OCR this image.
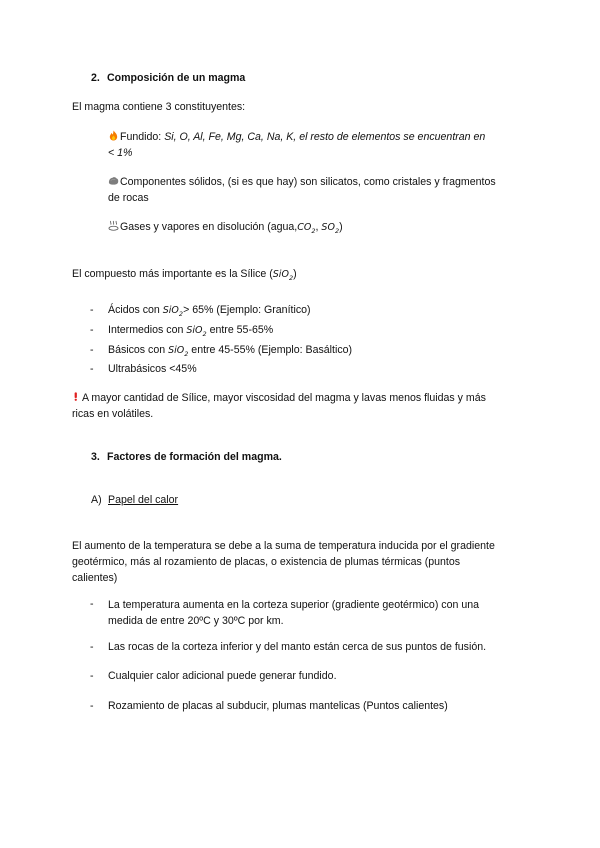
2. Composición de un magma

El magma contiene 3 constituyentes:

Fundido: Si, O, Al, Fe, Mg, Ca, Na, K, el resto de elementos se encuentran en
< 1%
Componentes sólidos, (si es que hay) son silicatos, como cristales y fragmentos
de rocas
Gases y vapores en disolución ($agua,CO_2$, $SO_2$)

El compuesto más importante es la Sílice (SiO$_2$)

- Ácidos con SiO$_2$> 65% (Ejemplo: Granítico)

- Intermedios con SiO$_2$ entre 55-65%

- Básicos con SiO$_2$ entre 45-55% (Ejemplo: Basáltico)

- Ultrabásicos <45%

A mayor cantidad de Sílice, mayor viscosidad del magma y lavas menos fluidas y más
ricas en volátiles.
3. Factores de formación del magma.
A) Papel del calor
El aumento de la temperatura se debe a la suma de temperatura inducida por el gradiente
geotérmico, más al rozamiento de placas, o existencia de plumas térmicas (puntos
calientes)
- La temperatura aumenta en la corteza superior (gradiente geotérmico) con una
medida de entre 20ºC y 30ºC por km.
- Las rocas de la corteza inferior y del manto están cerca de sus puntos de fusión.

- Cualquier calor adicional puede generar fundido.

- Rozamiento de placas al subducir, plumas mantelicas (Puntos calientes)
